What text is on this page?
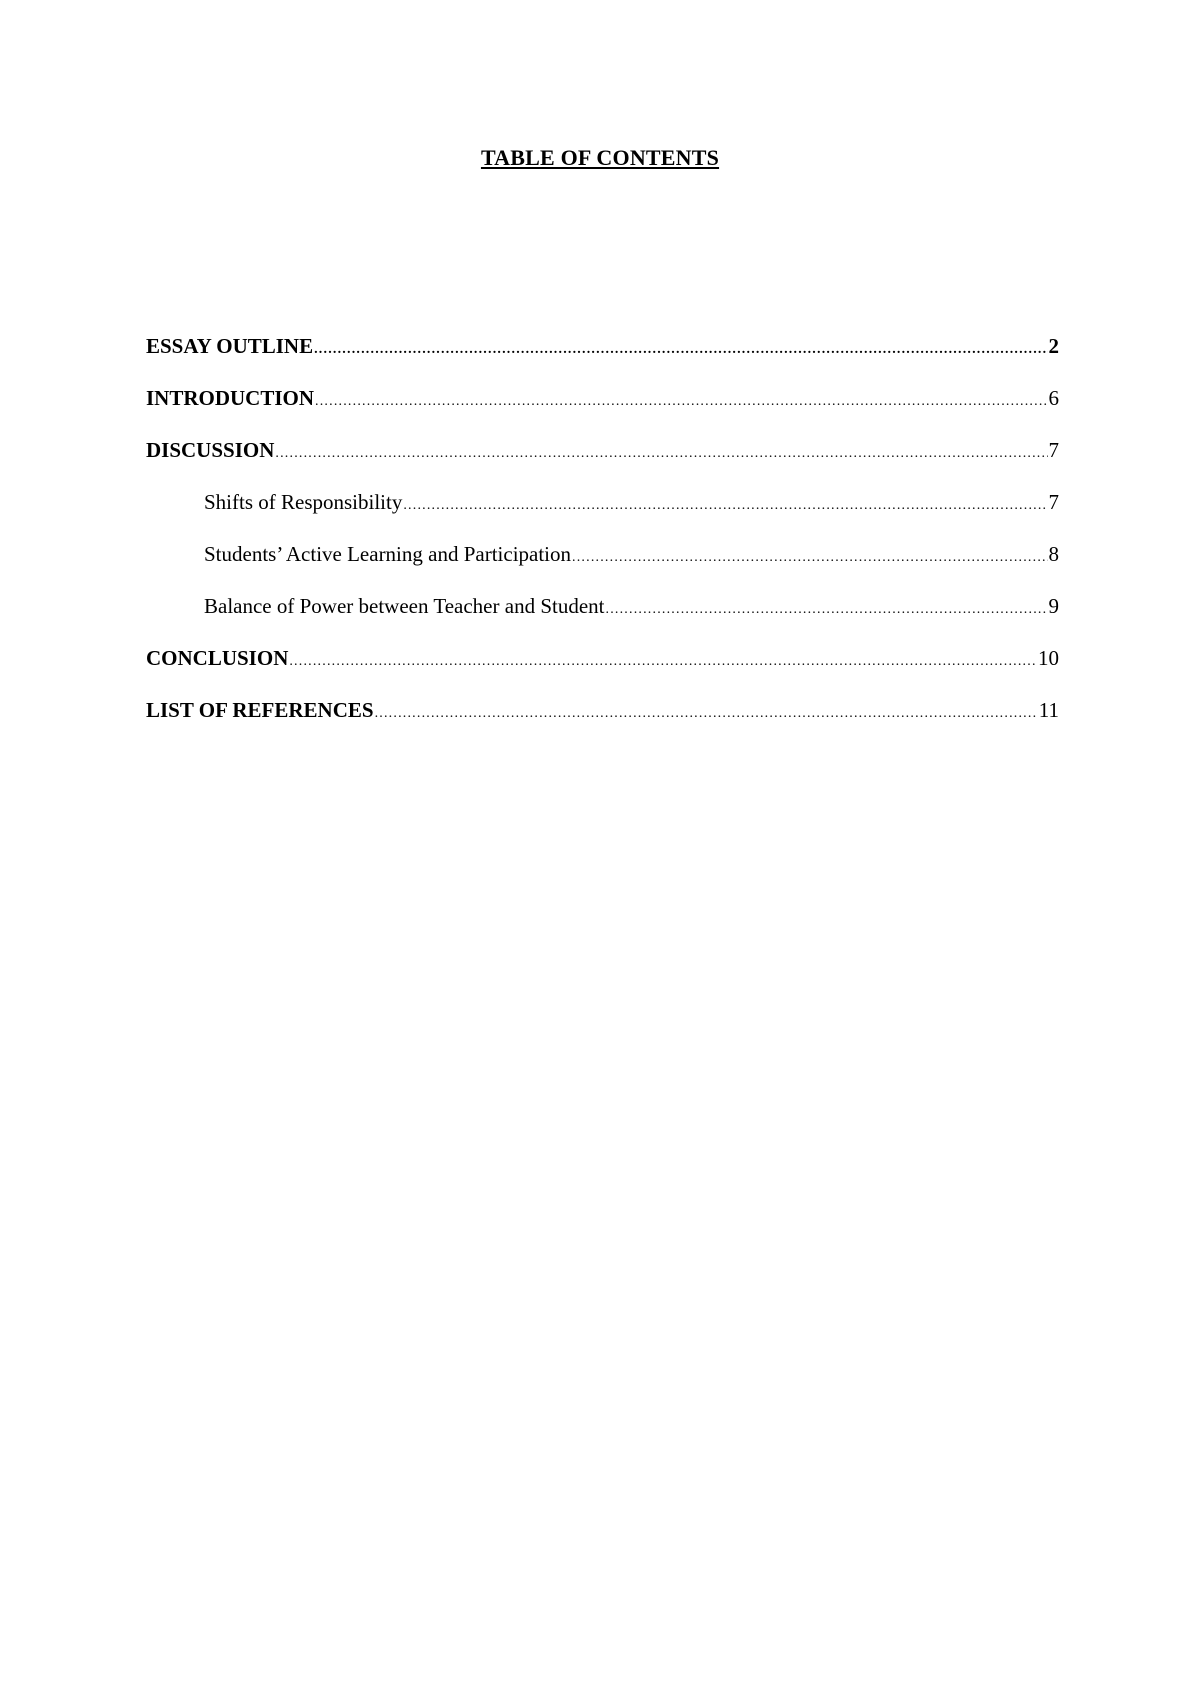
TABLE OF CONTENTS
ESSAY OUTLINE .....	2
INTRODUCTION .....	6
DISCUSSION .....	7
Shifts of Responsibility .....	7
Students’ Active Learning and Participation .....	8
Balance of Power between Teacher and Student .....	9
CONCLUSION .....	10
LIST OF REFERENCES .....	11
